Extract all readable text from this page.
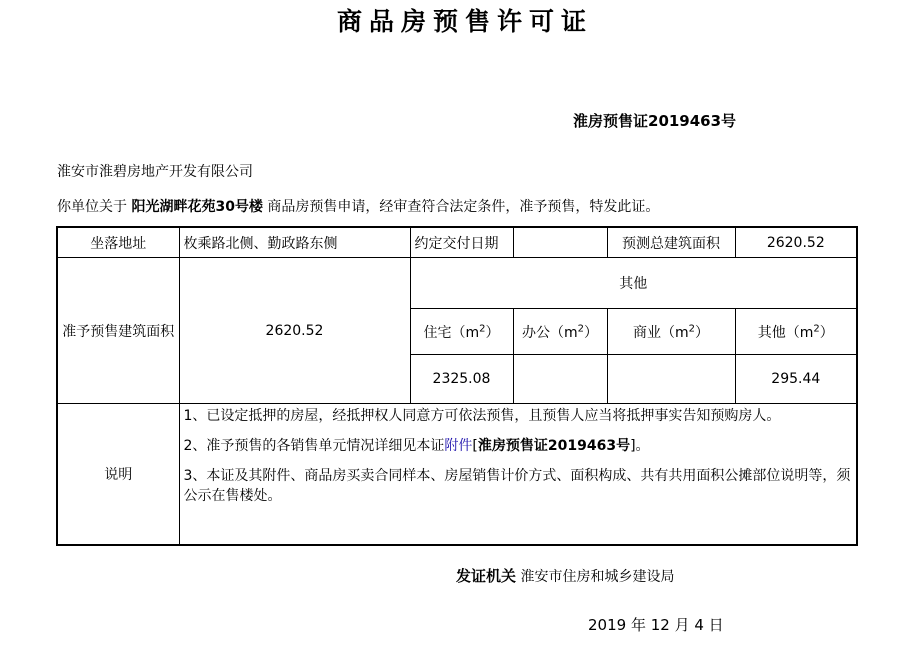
商品房预售许可证
淮房预售证2019463号
淮安市淮碧房地产开发有限公司
你单位关于 阳光湖畔花苑30号楼 商品房预售申请，经审查符合法定条件，准予预售，特发此证。
坐落地址	枚乘路北侧、勤政路东侧	约定交付日期		预测总建筑面积	2620.52
准予预售建筑面积	2620.52	其他			
		住宅$(m^2)$	办公$(m^2)$	商业$(m^2)$	其他$(m^2)$
		2325.08			295.44
说明	1、已设定抵押的房屋，经抵押权人同意方可依法预售，且预售人应当将抵押事实告知预购房人。

2、准予预售的各销售单元情况详细见本证附件[淮房预售证2019463号]。

3、本证及其附件、商品房买卖合同样本、房屋销售计价方式、面积构成、共有共用面积公摊部位说明等，须公示在售楼处。				

发证机关 淮安市住房和城乡建设局
2019 年 12 月 4 日
